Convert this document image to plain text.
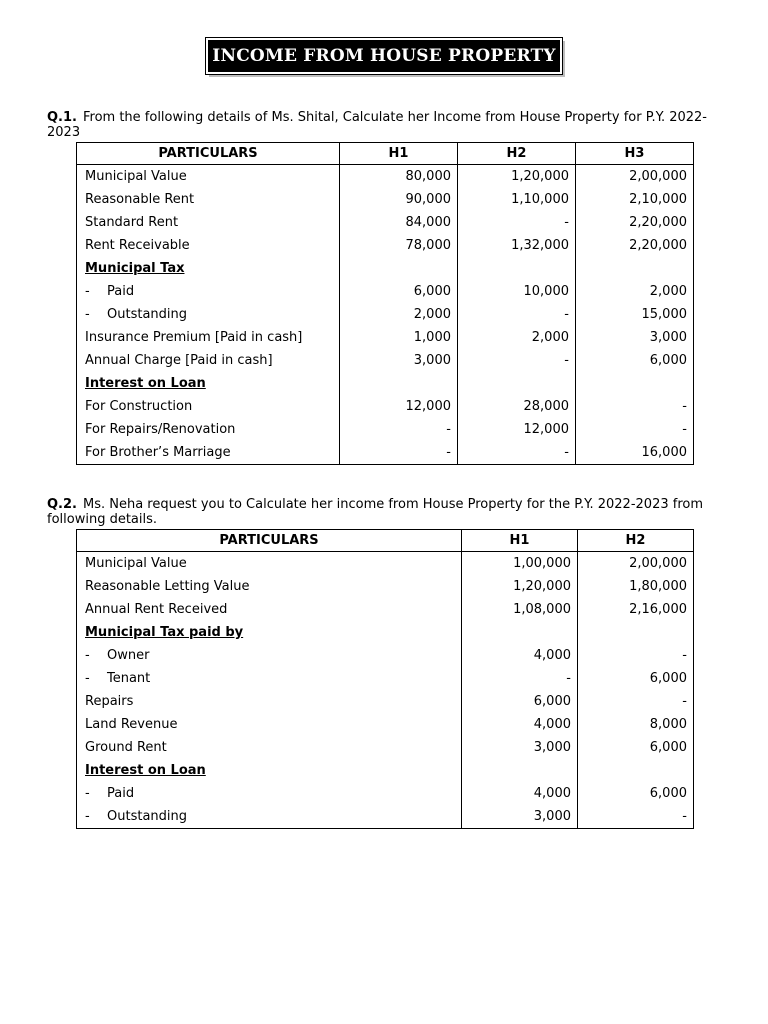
INCOME FROM HOUSE PROPERTY
Q.1. From the following details of Ms. Shital, Calculate her Income from House Property for P.Y. 2022-2023
PARTICULARS	H1	H2	H3
Municipal Value	80,000	1,20,000	2,00,000
Reasonable Rent	90,000	1,10,000	2,10,000
Standard Rent	84,000	-	2,20,000
Rent Receivable	78,000	1,32,000	2,20,000
Municipal Tax			
- Paid	6,000	10,000	2,000
- Outstanding	2,000	-	15,000
Insurance Premium [Paid in cash]	1,000	2,000	3,000
Annual Charge [Paid in cash]	3,000	-	6,000
Interest on Loan			
For Construction	12,000	28,000	-
For Repairs/Renovation	-	12,000	-
For Brother’s Marriage	-	-	16,000
Q.2. Ms. Neha request you to Calculate her income from House Property for the P.Y. 2022-2023 from following details.
PARTICULARS	H1	H2
Municipal Value	1,00,000	2,00,000
Reasonable Letting Value	1,20,000	1,80,000
Annual Rent Received	1,08,000	2,16,000
Municipal Tax paid by		
- Owner	4,000	-
- Tenant	-	6,000
Repairs	6,000	-
Land Revenue	4,000	8,000
Ground Rent	3,000	6,000
Interest on Loan		
- Paid	4,000	6,000
- Outstanding	3,000	-
